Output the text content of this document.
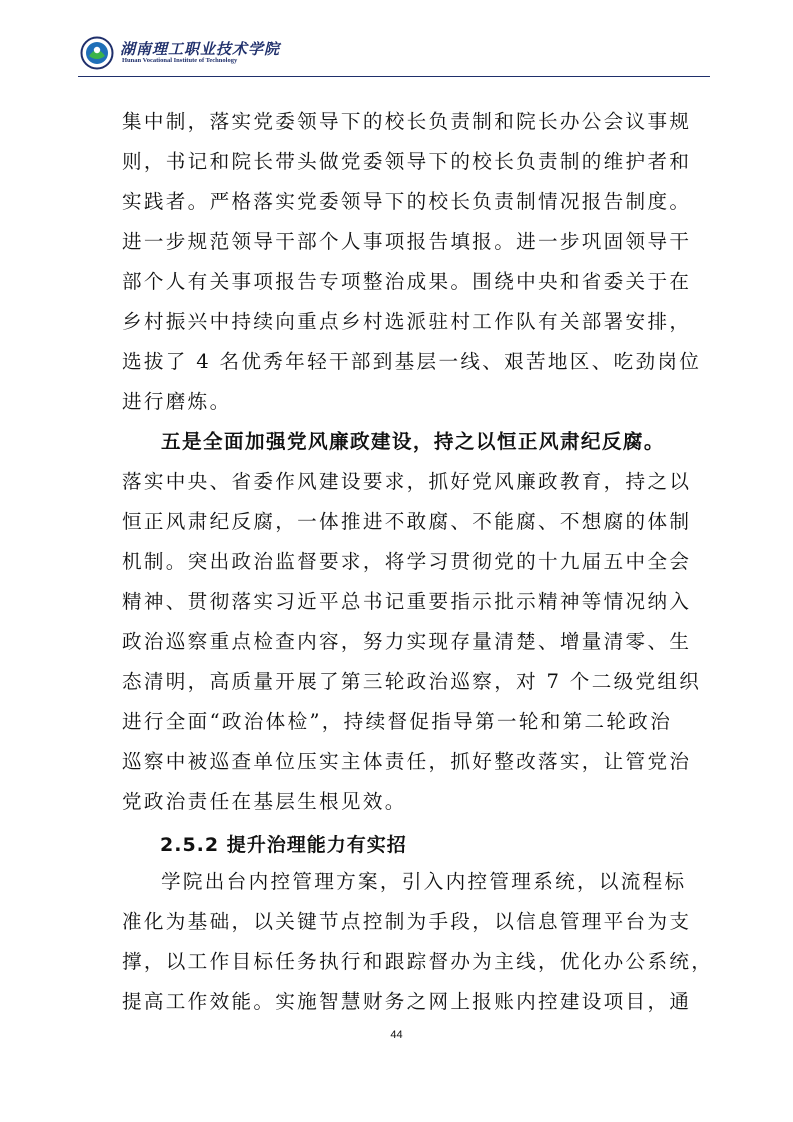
湖南理工职业技术学院
Hunan Vocational Institute of Technology
集中制，落实党委领导下的校长负责制和院长办公会议事规
则，书记和院长带头做党委领导下的校长负责制的维护者和
实践者。严格落实党委领导下的校长负责制情况报告制度。
进一步规范领导干部个人事项报告填报。进一步巩固领导干
部个人有关事项报告专项整治成果。围绕中央和省委关于在
乡村振兴中持续向重点乡村选派驻村工作队有关部署安排，
选拔了 4 名优秀年轻干部到基层一线、艰苦地区、吃劲岗位
进行磨炼。
五是全面加强党风廉政建设，持之以恒正风肃纪反腐。
落实中央、省委作风建设要求，抓好党风廉政教育，持之以
恒正风肃纪反腐，一体推进不敢腐、不能腐、不想腐的体制
机制。突出政治监督要求，将学习贯彻党的十九届五中全会
精神、贯彻落实习近平总书记重要指示批示精神等情况纳入
政治巡察重点检查内容，努力实现存量清楚、增量清零、生
态清明，高质量开展了第三轮政治巡察，对 7 个二级党组织
进行全面“政治体检”，持续督促指导第一轮和第二轮政治
巡察中被巡查单位压实主体责任，抓好整改落实，让管党治
党政治责任在基层生根见效。
2.5.2 提升治理能力有实招
学院出台内控管理方案，引入内控管理系统，以流程标
准化为基础，以关键节点控制为手段，以信息管理平台为支
撑，以工作目标任务执行和跟踪督办为主线，优化办公系统，
提高工作效能。实施智慧财务之网上报账内控建设项目，通
44
